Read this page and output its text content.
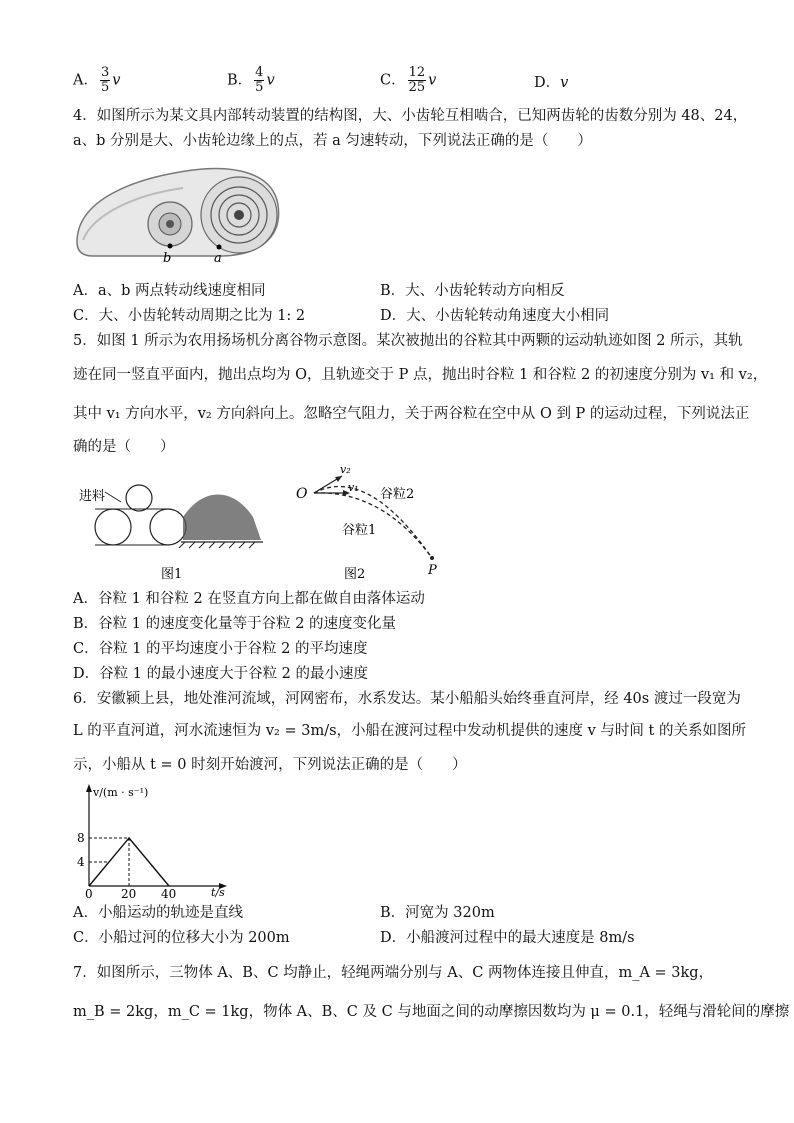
A． $\frac{3}{5}$ v	B． $\frac{4}{5}$ v	C． $\frac{12}{25}$ v	D．v
4．如图所示为某文具内部转动装置的结构图，大、小齿轮互相啮合，已知两齿轮的齿数分别为 48、24，
a、b 分别是大、小齿轮边缘上的点，若 a 匀速转动，下列说法正确的是（　　）
b	a
A．a、b 两点转动线速度相同	B．大、小齿轮转动方向相反
C．大、小齿轮转动周期之比为 1: 2	D．大、小齿轮转动角速度大小相同
5．如图 1 所示为农用扬场机分离谷物示意图。某次被抛出的谷粒其中两颗的运动轨迹如图 2 所示，其轨
迹在同一竖直平面内，抛出点均为 O，且轨迹交于 P 点，抛出时谷粒 1 和谷粒 2 的初速度分别为 v₁ 和 v₂，
其中 v₁ 方向水平，v₂ 方向斜向上。忽略空气阻力，关于两谷粒在空中从 O 到 P 的运动过程，下列说法正
确的是（　　）
进料
图1
O
v₂
v₁ 谷粒2
谷粒1
P
图2
A．谷粒 1 和谷粒 2 在竖直方向上都在做自由落体运动
B．谷粒 1 的速度变化量等于谷粒 2 的速度变化量
C．谷粒 1 的平均速度小于谷粒 2 的平均速度
D．谷粒 1 的最小速度大于谷粒 2 的最小速度
6．安徽颍上县，地处淮河流域，河网密布，水系发达。某小船船头始终垂直河岸，经 40s 渡过一段宽为
L 的平直河道，河水流速恒为 v₂ = 3m/s，小船在渡河过程中发动机提供的速度 v 与时间 t 的关系如图所
示，小船从 t = 0 时刻开始渡河，下列说法正确的是（　　）
v/(m · s⁻¹)
t/s
8
4
0 20 40
A．小船运动的轨迹是直线	B．河宽为 320m
C．小船过河的位移大小为 200m	D．小船渡河过程中的最大速度是 8m/s
7．如图所示，三物体 A、B、C 均静止，轻绳两端分别与 A、C 两物体连接且伸直，m_A = 3kg，
m_B = 2kg，m_C = 1kg，物体 A、B、C 及 C 与地面之间的动摩擦因数均为 μ = 0.1，轻绳与滑轮间的摩擦
